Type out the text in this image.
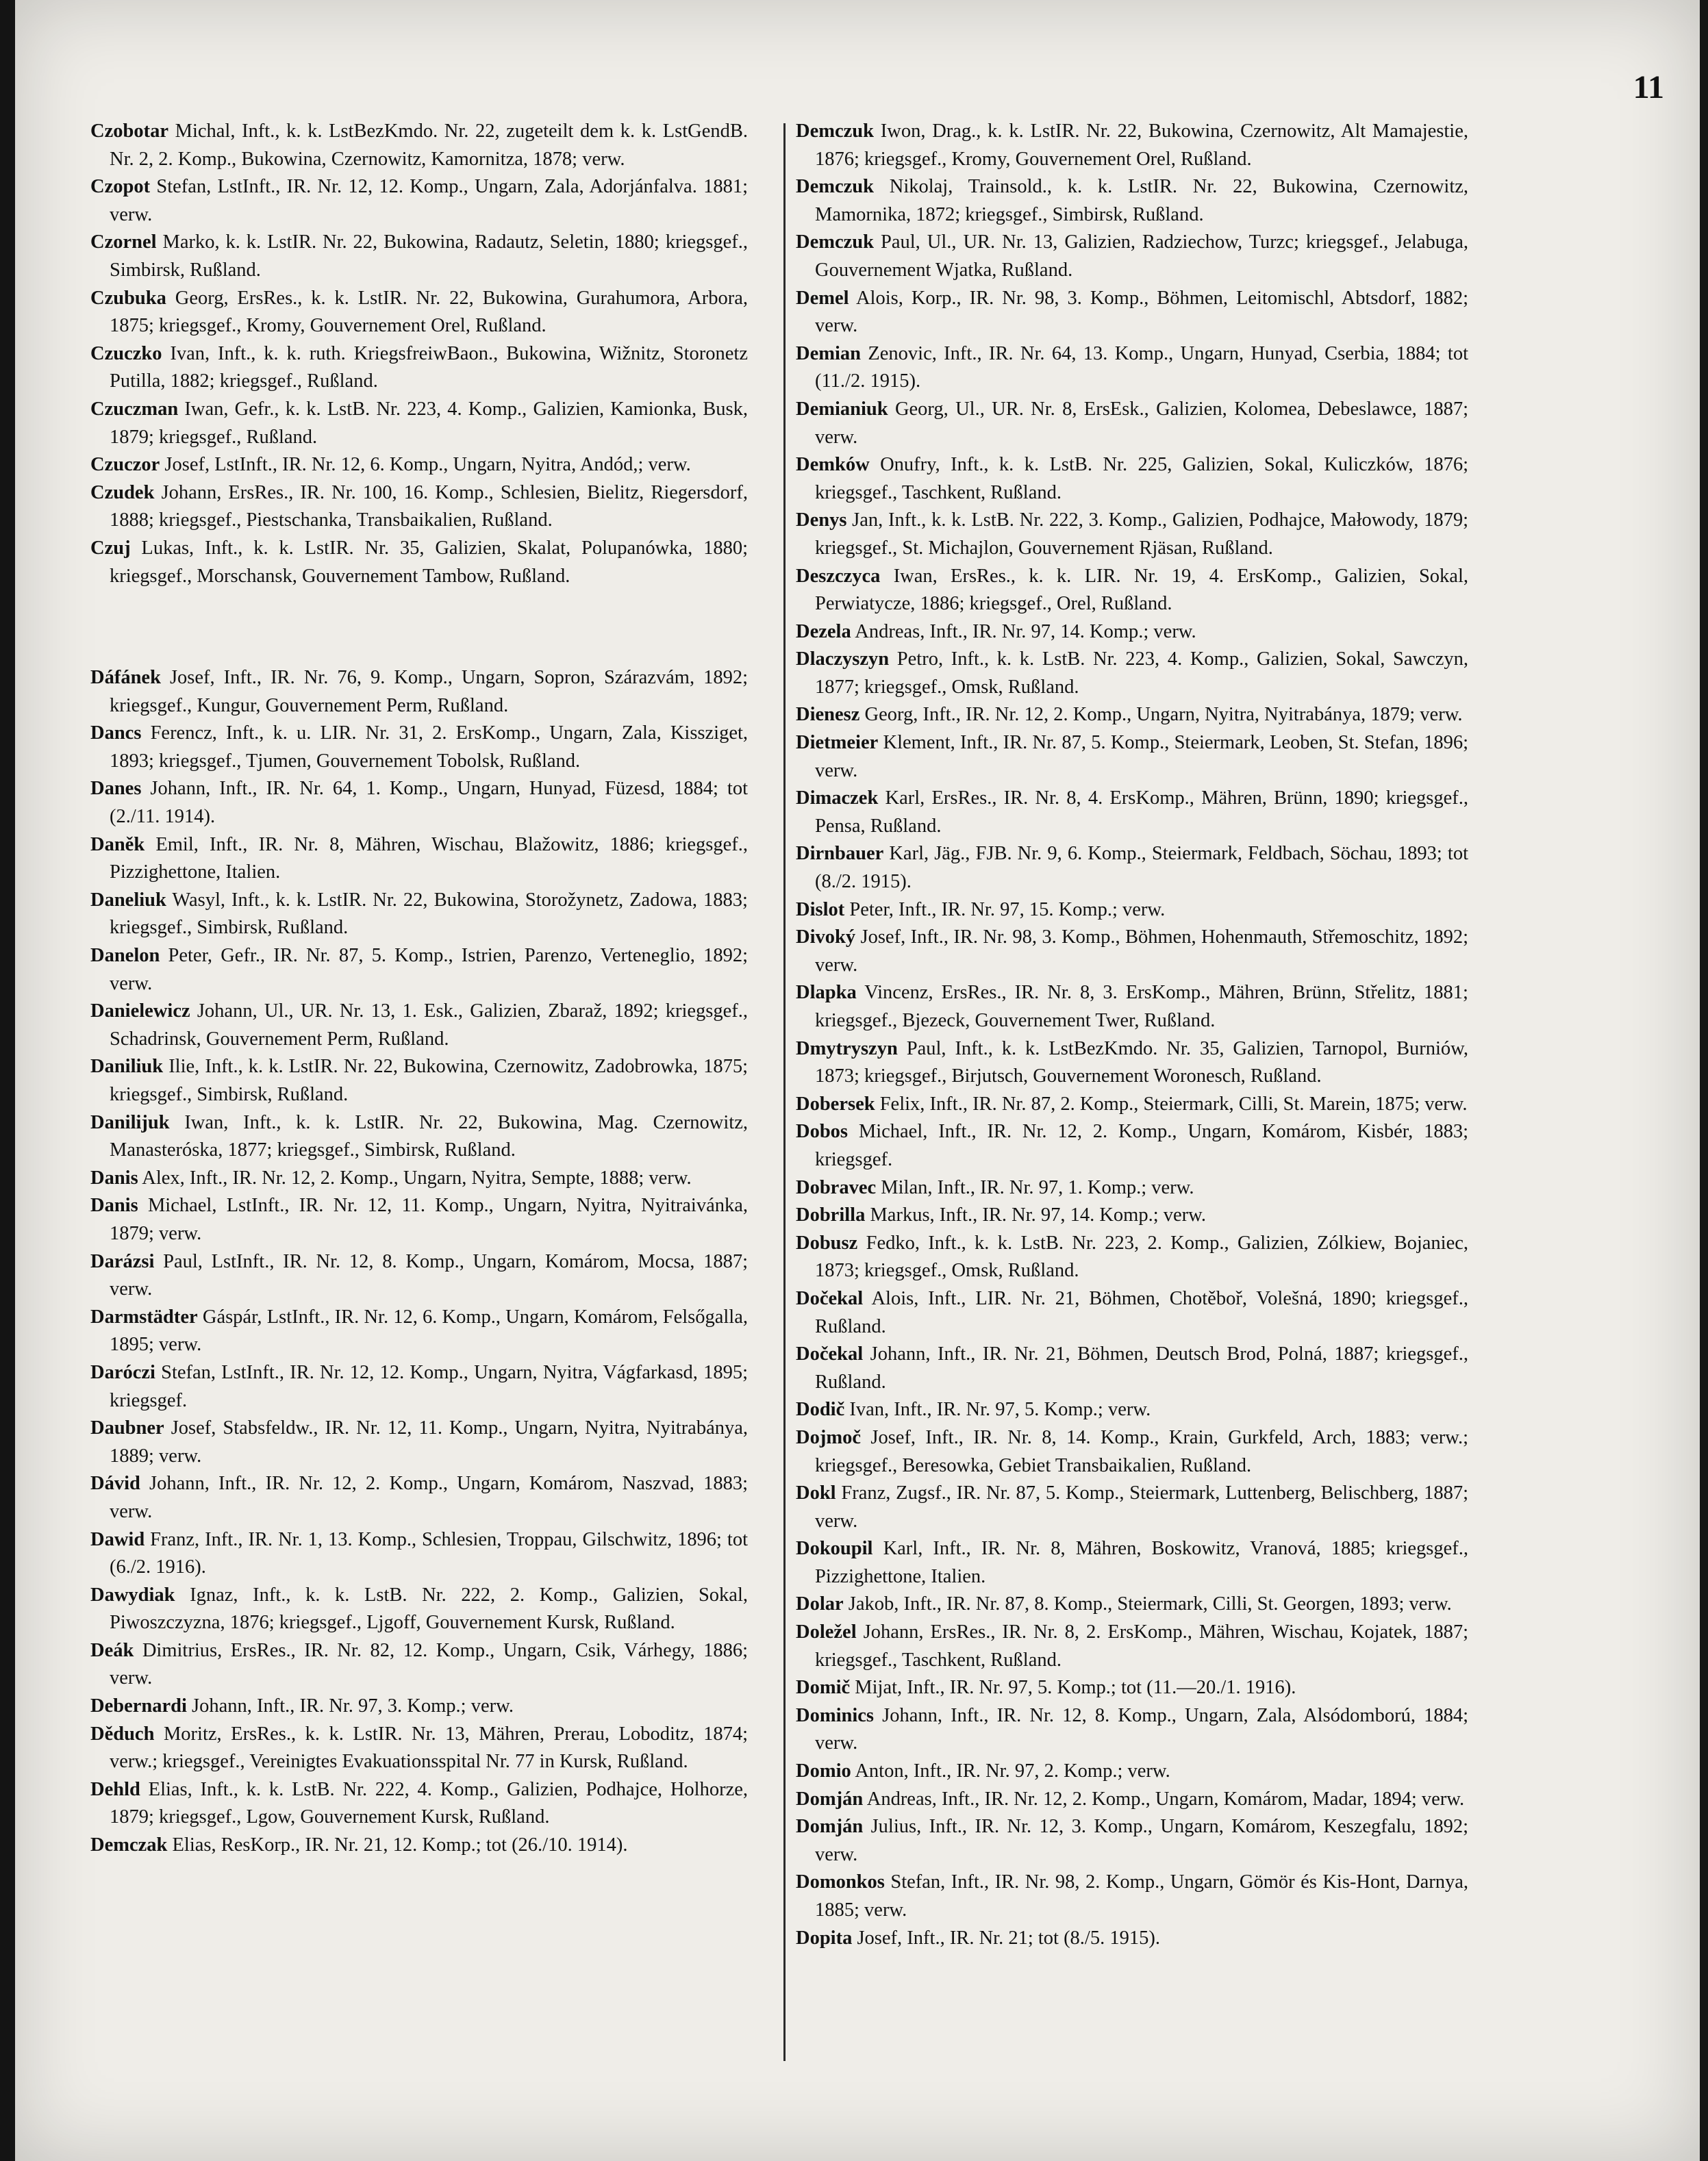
11

Czobotar Michal, Inft., k. k. LstBezKmdo. Nr. 22, zugeteilt dem k. k. LstGendB. Nr. 2, 2. Komp., Bukowina, Czernowitz, Kamornitza, 1878; verw.

Czopot Stefan, LstInft., IR. Nr. 12, 12. Komp., Ungarn, Zala, Adorjánfalva. 1881; verw.

Czornel Marko, k. k. LstIR. Nr. 22, Bukowina, Radautz, Seletin, 1880; kriegsgef., Simbirsk, Rußland.

Czubuka Georg, ErsRes., k. k. LstIR. Nr. 22, Bukowina, Gurahumora, Arbora, 1875; kriegsgef., Kromy, Gouvernement Orel, Rußland.

Czuczko Ivan, Inft., k. k. ruth. KriegsfreiwBaon., Bukowina, Wižnitz, Storonetz Putilla, 1882; kriegsgef., Rußland.

Czuczman Iwan, Gefr., k. k. LstB. Nr. 223, 4. Komp., Galizien, Kamionka, Busk, 1879; kriegsgef., Rußland.

Czuczor Josef, LstInft., IR. Nr. 12, 6. Komp., Ungarn, Nyitra, Andód,; verw.

Czudek Johann, ErsRes., IR. Nr. 100, 16. Komp., Schlesien, Bielitz, Riegersdorf, 1888; kriegsgef., Piestschanka, Transbaikalien, Rußland.

Czuj Lukas, Inft., k. k. LstIR. Nr. 35, Galizien, Skalat, Polupanówka, 1880; kriegsgef., Morschansk, Gouvernement Tambow, Rußland.

Dáfánek Josef, Inft., IR. Nr. 76, 9. Komp., Ungarn, Sopron, Szárazvám, 1892; kriegsgef., Kungur, Gouvernement Perm, Rußland.

Dancs Ferencz, Inft., k. u. LIR. Nr. 31, 2. ErsKomp., Ungarn, Zala, Kissziget, 1893; kriegsgef., Tjumen, Gouvernement Tobolsk, Rußland.

Danes Johann, Inft., IR. Nr. 64, 1. Komp., Ungarn, Hunyad, Füzesd, 1884; tot (2./11. 1914).

Daněk Emil, Inft., IR. Nr. 8, Mähren, Wischau, Blažowitz, 1886; kriegsgef., Pizzighettone, Italien.

Daneliuk Wasyl, Inft., k. k. LstIR. Nr. 22, Bukowina, Storožynetz, Zadowa, 1883; kriegsgef., Simbirsk, Rußland.

Danelon Peter, Gefr., IR. Nr. 87, 5. Komp., Istrien, Parenzo, Verteneglio, 1892; verw.

Danielewicz Johann, Ul., UR. Nr. 13, 1. Esk., Galizien, Zbaraž, 1892; kriegsgef., Schadrinsk, Gouvernement Perm, Rußland.

Daniliuk Ilie, Inft., k. k. LstIR. Nr. 22, Bukowina, Czernowitz, Zadobrowka, 1875; kriegsgef., Simbirsk, Rußland.

Danilijuk Iwan, Inft., k. k. LstIR. Nr. 22, Bukowina, Mag. Czernowitz, Manasteróska, 1877; kriegsgef., Simbirsk, Rußland.

Danis Alex, Inft., IR. Nr. 12, 2. Komp., Ungarn, Nyitra, Sempte, 1888; verw.

Danis Michael, LstInft., IR. Nr. 12, 11. Komp., Ungarn, Nyitra, Nyitraivánka, 1879; verw.

Darázsi Paul, LstInft., IR. Nr. 12, 8. Komp., Ungarn, Komárom, Mocsa, 1887; verw.

Darmstädter Gáspár, LstInft., IR. Nr. 12, 6. Komp., Ungarn, Komárom, Felsőgalla, 1895; verw.

Daróczi Stefan, LstInft., IR. Nr. 12, 12. Komp., Ungarn, Nyitra, Vágfarkasd, 1895; kriegsgef.

Daubner Josef, Stabsfeldw., IR. Nr. 12, 11. Komp., Ungarn, Nyitra, Nyitrabánya, 1889; verw.

Dávid Johann, Inft., IR. Nr. 12, 2. Komp., Ungarn, Komárom, Naszvad, 1883; verw.

Dawid Franz, Inft., IR. Nr. 1, 13. Komp., Schlesien, Troppau, Gilschwitz, 1896; tot (6./2. 1916).

Dawydiak Ignaz, Inft., k. k. LstB. Nr. 222, 2. Komp., Galizien, Sokal, Piwoszczyzna, 1876; kriegsgef., Ljgoff, Gouvernement Kursk, Rußland.

Deák Dimitrius, ErsRes., IR. Nr. 82, 12. Komp., Ungarn, Csik, Várhegy, 1886; verw.

Debernardi Johann, Inft., IR. Nr. 97, 3. Komp.; verw.

Děduch Moritz, ErsRes., k. k. LstIR. Nr. 13, Mähren, Prerau, Loboditz, 1874; verw.; kriegsgef., Vereinigtes Evakuationsspital Nr. 77 in Kursk, Rußland.

Dehld Elias, Inft., k. k. LstB. Nr. 222, 4. Komp., Galizien, Podhajce, Holhorze, 1879; kriegsgef., Lgow, Gouvernement Kursk, Rußland.

Demczak Elias, ResKorp., IR. Nr. 21, 12. Komp.; tot (26./10. 1914).

Demczuk Iwon, Drag., k. k. LstIR. Nr. 22, Bukowina, Czernowitz, Alt Mamajestie, 1876; kriegsgef., Kromy, Gouvernement Orel, Rußland.

Demczuk Nikolaj, Trainsold., k. k. LstIR. Nr. 22, Bukowina, Czernowitz, Mamornika, 1872; kriegsgef., Simbirsk, Rußland.

Demczuk Paul, Ul., UR. Nr. 13, Galizien, Radziechow, Turzc; kriegsgef., Jelabuga, Gouvernement Wjatka, Rußland.

Demel Alois, Korp., IR. Nr. 98, 3. Komp., Böhmen, Leitomischl, Abtsdorf, 1882; verw.

Demian Zenovic, Inft., IR. Nr. 64, 13. Komp., Ungarn, Hunyad, Cserbia, 1884; tot (11./2. 1915).

Demianiuk Georg, Ul., UR. Nr. 8, ErsEsk., Galizien, Kolomea, Debeslawce, 1887; verw.

Demków Onufry, Inft., k. k. LstB. Nr. 225, Galizien, Sokal, Kuliczków, 1876; kriegsgef., Taschkent, Rußland.

Denys Jan, Inft., k. k. LstB. Nr. 222, 3. Komp., Galizien, Podhajce, Małowody, 1879; kriegsgef., St. Michajlon, Gouvernement Rjäsan, Rußland.

Deszczyca Iwan, ErsRes., k. k. LIR. Nr. 19, 4. ErsKomp., Galizien, Sokal, Perwiatycze, 1886; kriegsgef., Orel, Rußland.

Dezela Andreas, Inft., IR. Nr. 97, 14. Komp.; verw.

Dlaczyszyn Petro, Inft., k. k. LstB. Nr. 223, 4. Komp., Galizien, Sokal, Sawczyn, 1877; kriegsgef., Omsk, Rußland.

Dienesz Georg, Inft., IR. Nr. 12, 2. Komp., Ungarn, Nyitra, Nyitrabánya, 1879; verw.

Dietmeier Klement, Inft., IR. Nr. 87, 5. Komp., Steiermark, Leoben, St. Stefan, 1896; verw.

Dimaczek Karl, ErsRes., IR. Nr. 8, 4. ErsKomp., Mähren, Brünn, 1890; kriegsgef., Pensa, Rußland.

Dirnbauer Karl, Jäg., FJB. Nr. 9, 6. Komp., Steiermark, Feldbach, Söchau, 1893; tot (8./2. 1915).

Dislot Peter, Inft., IR. Nr. 97, 15. Komp.; verw.

Divoký Josef, Inft., IR. Nr. 98, 3. Komp., Böhmen, Hohenmauth, Střemoschitz, 1892; verw.

Dlapka Vincenz, ErsRes., IR. Nr. 8, 3. ErsKomp., Mähren, Brünn, Střelitz, 1881; kriegsgef., Bjezeck, Gouvernement Twer, Rußland.

Dmytryszyn Paul, Inft., k. k. LstBezKmdo. Nr. 35, Galizien, Tarnopol, Burniów, 1873; kriegsgef., Birjutsch, Gouvernement Woronesch, Rußland.

Dobersek Felix, Inft., IR. Nr. 87, 2. Komp., Steiermark, Cilli, St. Marein, 1875; verw.

Dobos Michael, Inft., IR. Nr. 12, 2. Komp., Ungarn, Komárom, Kisbér, 1883; kriegsgef.

Dobravec Milan, Inft., IR. Nr. 97, 1. Komp.; verw.

Dobrilla Markus, Inft., IR. Nr. 97, 14. Komp.; verw.

Dobusz Fedko, Inft., k. k. LstB. Nr. 223, 2. Komp., Galizien, Zólkiew, Bojaniec, 1873; kriegsgef., Omsk, Rußland.

Dočekal Alois, Inft., LIR. Nr. 21, Böhmen, Chotěboř, Volešná, 1890; kriegsgef., Rußland.

Dočekal Johann, Inft., IR. Nr. 21, Böhmen, Deutsch Brod, Polná, 1887; kriegsgef., Rußland.

Dodič Ivan, Inft., IR. Nr. 97, 5. Komp.; verw.

Dojmoč Josef, Inft., IR. Nr. 8, 14. Komp., Krain, Gurkfeld, Arch, 1883; verw.; kriegsgef., Beresowka, Gebiet Transbaikalien, Rußland.

Dokl Franz, Zugsf., IR. Nr. 87, 5. Komp., Steiermark, Luttenberg, Belischberg, 1887; verw.

Dokoupil Karl, Inft., IR. Nr. 8, Mähren, Boskowitz, Vranová, 1885; kriegsgef., Pizzighettone, Italien.

Dolar Jakob, Inft., IR. Nr. 87, 8. Komp., Steiermark, Cilli, St. Georgen, 1893; verw.

Doležel Johann, ErsRes., IR. Nr. 8, 2. ErsKomp., Mähren, Wischau, Kojatek, 1887; kriegsgef., Taschkent, Rußland.

Domič Mijat, Inft., IR. Nr. 97, 5. Komp.; tot (11.—20./1. 1916).

Dominics Johann, Inft., IR. Nr. 12, 8. Komp., Ungarn, Zala, Alsódomború, 1884; verw.

Domio Anton, Inft., IR. Nr. 97, 2. Komp.; verw.

Domján Andreas, Inft., IR. Nr. 12, 2. Komp., Ungarn, Komárom, Madar, 1894; verw.

Domján Julius, Inft., IR. Nr. 12, 3. Komp., Ungarn, Komárom, Keszegfalu, 1892; verw.

Domonkos Stefan, Inft., IR. Nr. 98, 2. Komp., Ungarn, Gömör és Kis-Hont, Darnya, 1885; verw.

Dopita Josef, Inft., IR. Nr. 21; tot (8./5. 1915).
